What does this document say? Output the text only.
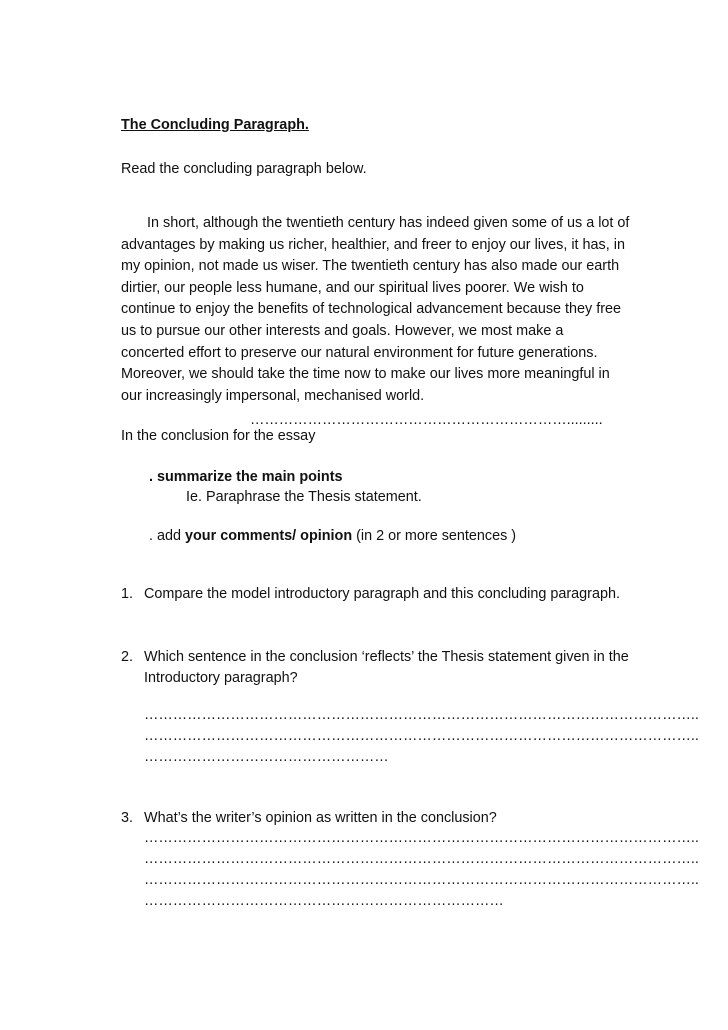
The Concluding Paragraph.
Read the concluding paragraph below.

In short, although the twentieth century has indeed given some of us a lot of

advantages by making us richer, healthier, and freer to enjoy our lives, it has, in

my opinion, not made us wiser. The twentieth century has also made our earth

dirtier, our people less humane, and our spiritual lives poorer. We wish to

continue to enjoy the benefits of technological advancement because they free

us to pursue our other interests and goals. However, we most make a

concerted effort to preserve our natural environment for future generations.

Moreover, we should take the time now to make our lives more meaningful in

our increasingly impersonal, mechanised world.

………………………………………………………….........
In the conclusion for the essay
. summarize the main points
Ie. Paraphrase the Thesis statement.
. add your comments/ opinion (in 2 or more sentences )
1. Compare the model introductory paragraph and this concluding paragraph.
2. Which sentence in the conclusion ‘reflects’ the Thesis statement given in the
Introductory paragraph?
……………………………………………………………………………………………………..
……………………………………………………………………………………………………..
……………………………………………
3. What’s the writer’s opinion as written in the conclusion?
……………………………………………………………………………………………………..
……………………………………………………………………………………………………..
……………………………………………………………………………………………………..
…………………………………………………………………
